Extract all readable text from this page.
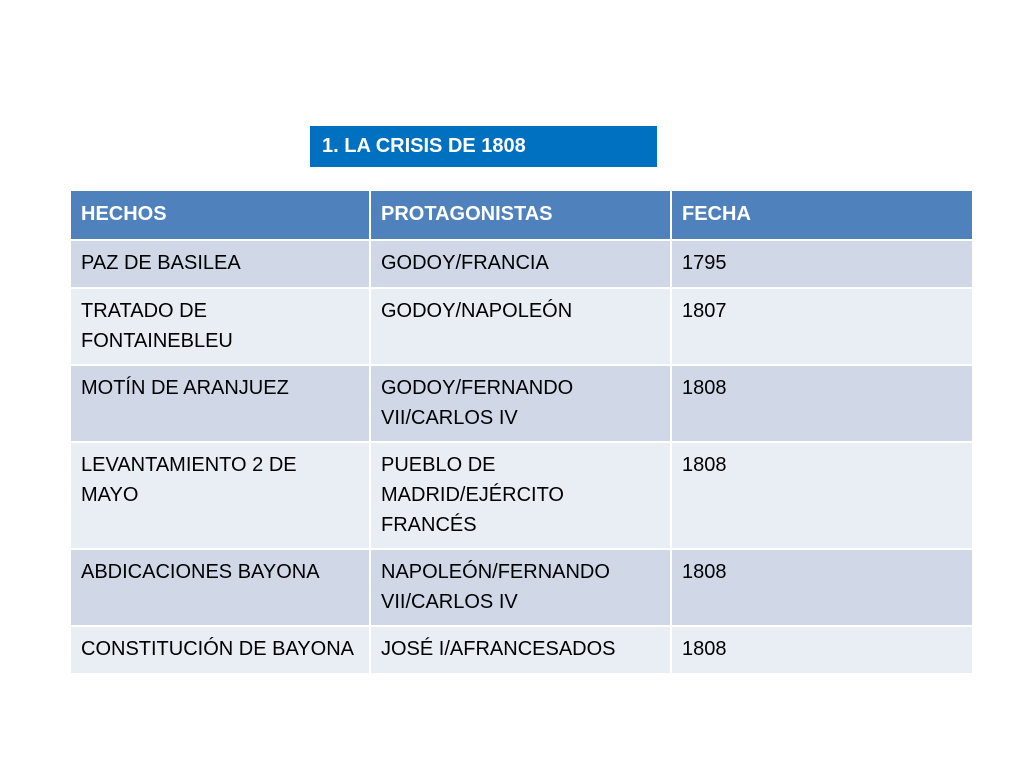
1. LA CRISIS DE 1808
HECHOS	PROTAGONISTAS	FECHA
PAZ DE BASILEA	GODOY/FRANCIA	1795
TRATADO DE FONTAINEBLEU	GODOY/NAPOLEÓN	1807
MOTÍN DE ARANJUEZ	GODOY/FERNANDO VII/CARLOS IV	1808
LEVANTAMIENTO 2 DE MAYO	PUEBLO DE MADRID/EJÉRCITO FRANCÉS	1808
ABDICACIONES BAYONA	NAPOLEÓN/FERNANDO VII/CARLOS IV	1808
CONSTITUCIÓN DE BAYONA	JOSÉ I/AFRANCESADOS	1808
